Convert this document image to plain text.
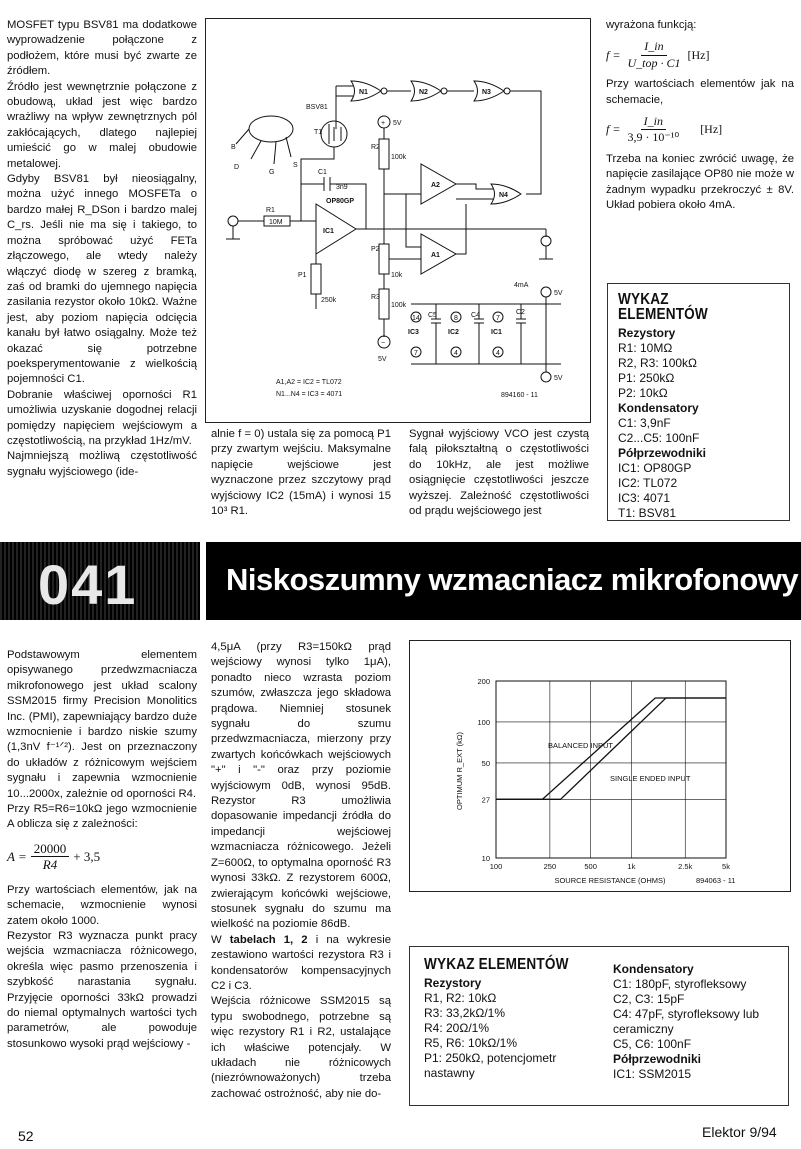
MOSFET typu BSV81 ma dodatkowe wyprowadzenie połączone z podłożem, które musi być zwarte ze źródłem.

Źródło jest wewnętrznie połączone z obudową, układ jest więc bardzo wrażliwy na wpływ zewnętrznych pól zakłócających, dlatego najlepiej umieścić go w malej obudowie metalowej.

Gdyby BSV81 był nieosiągalny, można użyć innego MOSFETa o bardzo małej R_DSon i bardzo malej C_rs. Jeśli nie ma się i takiego, to można spróbować użyć FETa złączowego, ale wtedy należy włączyć diodę w szereg z bramką, zaś od bramki do ujemnego napięcia zasilania rezystor około 10kΩ. Ważne jest, aby poziom napięcia odcięcia kanału był łatwo osiągalny. Może też okazać się potrzebne poeksperymentowanie z wielkością pojemności C1.

Dobranie właściwej oporności R1 umożliwia uzyskanie dogodnej relacji pomiędzy napięciem wejściowym a częstotliwością, na przykład 1Hz/mV.

Najmniejszą możliwą częstotliwość sygnału wyjściowego (ide-

N1	N2	N3
N4
A2
A1
IC1
OP80GP
10M
R1
C1
3n9
BSV81
T1
B
D
G
S
+ 5V
R2
100k
P2
10k
R3
100k
−
5V
P1
250k
14
IC3
7
C5 8
IC2
4
C4 7
IC1
4
C2
4mA
5V
5V
A1,A2 = IC2 = TL072
N1...N4 = IC3 = 4071	894160 - 11

alnie f = 0) ustala się za pomocą P1 przy zwartym wejściu. Maksymalne napięcie wejściowe jest wyznaczone przez szczytowy prąd wyjściowy IC2 (15mA) i wynosi 15 10³ R1.

Sygnał wyjściowy VCO jest czystą falą piłokształtną o częstotliwości do 10kHz, ale jest możliwe osiągnięcie częstotliwości jeszcze wyższej. Zależność częstotliwości od prądu wejściowego jest

wyrażona funkcją:

$f = \frac{I\_in}{\text{U\_top · C1}} [Hz]$

Przy wartościach elementów jak na schemacie,

$f = \frac{I\_in}{\text{3,9 · 10⁻¹⁰}} [Hz]$

Trzeba na koniec zwrócić uwagę, że napięcie zasilające OP80 nie może w żadnym wypadku przekroczyć ± 8V. Układ pobiera około 4mA.

WYKAZ ELEMENTÓW
Rezystory
R1: 10MΩ
R2, R3: 100kΩ
P1: 250kΩ
P2: 10kΩ
Kondensatory
C1: 3,9nF
C2...C5: 100nF
Półprzewodniki
IC1: OP80GP
IC2: TL072
IC3: 4071
T1: BSV81
041	Niskoszumny wzmacniacz mikrofonowy

Podstawowym elementem opisywanego przedwzmacniacza mikrofonowego jest układ scalony SSM2015 firmy Precision Monolitics Inc. (PMI), zapewniający bardzo duże wzmocnienie i bardzo niskie szumy (1,3nV f⁻¹ᐟ²). Jest on przeznaczony do układów z różnicowym wejściem sygnału i zapewnia wzmocnienie 10...2000x, zależnie od oporności R4.

Przy R5=R6=10kΩ jego wzmocnienie A oblicza się z zależności:

$A = \frac{20000}{R4} + 3,5$

Przy wartościach elementów, jak na schemacie, wzmocnienie wynosi zatem około 1000.

Rezystor R3 wyznacza punkt pracy wejścia wzmacniacza różnicowego, określa więc pasmo przenoszenia i szybkość narastania sygnału. Przyjęcie oporności 33kΩ prowadzi do niemal optymalnych wartości tych parametrów, ale powoduje stosunkowo wysoki prąd wejściowy -

4,5μA (przy R3=150kΩ prąd wejściowy wynosi tylko 1μA), ponadto nieco wzrasta poziom szumów, zwłaszcza jego składowa prądowa. Niemniej stosunek sygnału do szumu przedwzmacniacza, mierzony przy zwartych końcówkach wejściowych "+" i "-" oraz przy poziomie wyjściowym 0dB, wynosi 95dB. Rezystor R3 umożliwia dopasowanie impedancji źródła do impedancji wejściowej wzmacniacza różnicowego. Jeżeli Z=600Ω, to optymalna oporność R3 wynosi 33kΩ. Z rezystorem 600Ω, zwierającym końcówki wejściowe, stosunek sygnału do szumu ma wielkość na poziomie 86dB.

W tabelach 1, 2 i na wykresie zestawiono wartości rezystora R3 i kondensatorów kompensacyjnych C2 i C3.

Wejścia różnicowe SSM2015 są typu swobodnego, potrzebne są więc rezystory R1 i R2, ustalające ich właściwe potencjały. W układach nie różnicowych (niezrównoważonych) trzeba zachować ostrożność, aby nie do-

200
100
50
27
10
100	250	500	1k	2.5k	5k
OPTIMUM R_EXT (kΩ)
SOURCE RESISTANCE (OHMS)
BALANCED INPUT
SINGLE ENDED INPUT
894063 - 11
WYKAZ ELEMENTÓW
Rezystory
R1, R2: 10kΩ
R3: 33,2kΩ/1%
R4: 20Ω/1%
R5, R6: 10kΩ/1%
P1: 250kΩ, potencjometr
nastawny
Kondensatory
C1: 180pF, styrofleksowy
C2, C3: 15pF
C4: 47pF, styrofleksowy lub
ceramiczny
C5, C6: 100nF
Półprzewodniki
IC1: SSM2015
52	Elektor 9/94
